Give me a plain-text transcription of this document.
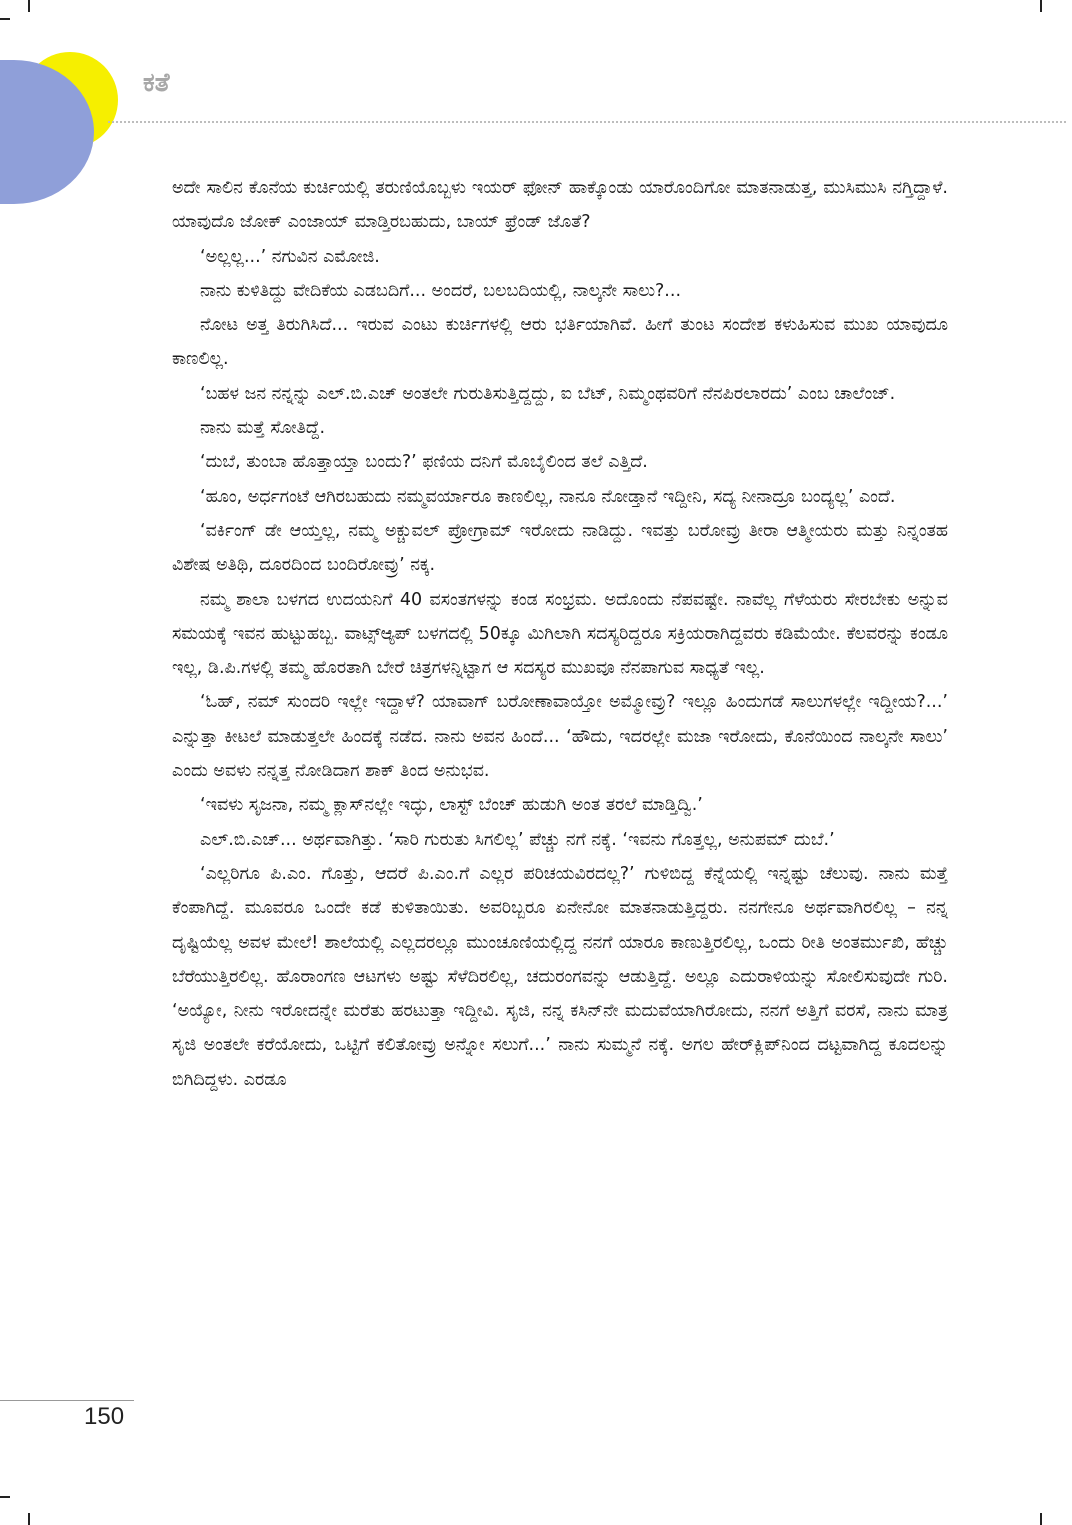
ಕತೆ

ಅದೇ ಸಾಲಿನ ಕೊನೆಯ ಕುರ್ಚಿಯಲ್ಲಿ ತರುಣಿಯೊಬ್ಬಳು ಇಯರ್ ಫೋನ್ ಹಾಕ್ಕೊಂಡು ಯಾರೊಂದಿಗೋ ಮಾತನಾಡುತ್ತ, ಮುಸಿಮುಸಿ ನಗ್ತಿದ್ದಾಳೆ. ಯಾವುದೊ ಜೋಕ್ ಎಂಜಾಯ್ ಮಾಡ್ತಿರಬಹುದು, ಬಾಯ್ ಫ್ರೆಂಡ್ ಜೊತೆ?

‘ಅಲ್ಲಲ್ಲ...’ ನಗುವಿನ ಎಮೋಜಿ.

ನಾನು ಕುಳಿತಿದ್ದು ವೇದಿಕೆಯ ಎಡಬದಿಗೆ... ಅಂದರೆ, ಬಲಬದಿಯಲ್ಲಿ, ನಾಲ್ಕನೇ ಸಾಲು?...

ನೋಟ ಅತ್ತ ತಿರುಗಿಸಿದೆ... ಇರುವ ಎಂಟು ಕುರ್ಚಿಗಳಲ್ಲಿ ಆರು ಭರ್ತಿಯಾಗಿವೆ. ಹೀಗೆ ತುಂಟ ಸಂದೇಶ ಕಳುಹಿಸುವ ಮುಖ ಯಾವುದೂ ಕಾಣಲಿಲ್ಲ.

‘ಬಹಳ ಜನ ನನ್ನನ್ನು ಎಲ್.ಬಿ.ಎಚ್ ಅಂತಲೇ ಗುರುತಿಸುತ್ತಿದ್ದದ್ದು, ಐ ಬೆಟ್, ನಿಮ್ಮಂಥವರಿಗೆ ನೆನಪಿರಲಾರದು’ ಎಂಬ ಚಾಲೆಂಜ್.

ನಾನು ಮತ್ತೆ ಸೋತಿದ್ದೆ.

‘ದುಬೆ, ತುಂಬಾ ಹೊತ್ತಾಯ್ತಾ ಬಂದು?’ ಫಣಿಯ ದನಿಗೆ ಮೊಬೈಲಿಂದ ತಲೆ ಎತ್ತಿದೆ.

‘ಹೂಂ, ಅರ್ಧಗಂಟೆ ಆಗಿರಬಹುದು ನಮ್ಮವರ್ಯಾರೂ ಕಾಣಲಿಲ್ಲ, ನಾನೂ ನೋಡ್ತಾನೆ ಇದ್ದೀನಿ, ಸದ್ಯ ನೀನಾದ್ರೂ ಬಂದ್ಯಲ್ಲ’ ಎಂದೆ.

‘ವರ್ಕಿಂಗ್ ಡೇ ಆಯ್ತಲ್ಲ, ನಮ್ಮ ಅಕ್ಚುವಲ್ ಪ್ರೋಗ್ರಾಮ್ ಇರೋದು ನಾಡಿದ್ದು. ಇವತ್ತು ಬರೋವ್ರು ತೀರಾ ಆತ್ಮೀಯರು ಮತ್ತು ನಿನ್ನಂತಹ ವಿಶೇಷ ಅತಿಥಿ, ದೂರದಿಂದ ಬಂದಿರೋವ್ರು’ ನಕ್ಕ.

ನಮ್ಮ ಶಾಲಾ ಬಳಗದ ಉದಯನಿಗೆ 40 ವಸಂತಗಳನ್ನು ಕಂಡ ಸಂಭ್ರಮ. ಅದೊಂದು ನೆಪವಷ್ಟೇ. ನಾವೆಲ್ಲ ಗೆಳೆಯರು ಸೇರಬೇಕು ಅನ್ನುವ ಸಮಯಕ್ಕೆ ಇವನ ಹುಟ್ಟುಹಬ್ಬ. ವಾಟ್ಸ್‌ಆ್ಯಪ್ ಬಳಗದಲ್ಲಿ 50ಕ್ಕೂ ಮಿಗಿಲಾಗಿ ಸದಸ್ಯರಿದ್ದರೂ ಸಕ್ರಿಯರಾಗಿದ್ದವರು ಕಡಿಮೆಯೇ. ಕೆಲವರನ್ನು ಕಂಡೂ ಇಲ್ಲ, ಡಿ.ಪಿ.ಗಳಲ್ಲಿ ತಮ್ಮ ಹೊರತಾಗಿ ಬೇರೆ ಚಿತ್ರಗಳನ್ನಿಟ್ಟಾಗ ಆ ಸದಸ್ಯರ ಮುಖವೂ ನೆನಪಾಗುವ ಸಾಧ್ಯತೆ ಇಲ್ಲ.

‘ಓಹ್, ನಮ್ ಸುಂದರಿ ಇಲ್ಲೇ ಇದ್ದಾಳೆ? ಯಾವಾಗ್ ಬರೋಣಾವಾಯ್ತೋ ಅಮ್ಮೋವ್ರು? ಇಲ್ಲೂ ಹಿಂದುಗಡೆ ಸಾಲುಗಳಲ್ಲೇ ಇದ್ದೀಯ?...’ ಎನ್ನುತ್ತಾ ಕೀಟಲೆ ಮಾಡುತ್ತಲೇ ಹಿಂದಕ್ಕೆ ನಡೆದ. ನಾನು ಅವನ ಹಿಂದೆ... ‘ಹೌದು, ಇದರಲ್ಲೇ ಮಜಾ ಇರೋದು, ಕೊನೆಯಿಂದ ನಾಲ್ಕನೇ ಸಾಲು’ ಎಂದು ಅವಳು ನನ್ನತ್ತ ನೋಡಿದಾಗ ಶಾಕ್ ತಿಂದ ಅನುಭವ.

‘ಇವಳು ಸೃಜನಾ, ನಮ್ಮ ಕ್ಲಾಸ್‌ನಲ್ಲೇ ಇದ್ಳು, ಲಾಸ್ಟ್ ಬೆಂಚ್ ಹುಡುಗಿ ಅಂತ ತರಲೆ ಮಾಡ್ತಿದ್ವಿ.’

ಎಲ್.ಬಿ.ಎಚ್... ಅರ್ಥವಾಗಿತ್ತು. ‘ಸಾರಿ ಗುರುತು ಸಿಗಲಿಲ್ಲ’ ಪೆಚ್ಚು ನಗೆ ನಕ್ಕೆ. ‘ಇವನು ಗೊತ್ತಲ್ಲ, ಅನುಪಮ್ ದುಬೆ.’

‘ಎಲ್ಲರಿಗೂ ಪಿ.ಎಂ. ಗೊತ್ತು, ಆದರೆ ಪಿ.ಎಂ.ಗೆ ಎಲ್ಲರ ಪರಿಚಯವಿರದಲ್ಲ?’ ಗುಳಿಬಿದ್ದ ಕೆನ್ನೆಯಲ್ಲಿ ಇನ್ನಷ್ಟು ಚೆಲುವು. ನಾನು ಮತ್ತೆ ಕೆಂಪಾಗಿದ್ದೆ. ಮೂವರೂ ಒಂದೇ ಕಡೆ ಕುಳಿತಾಯಿತು. ಅವರಿಬ್ಬರೂ ಏನೇನೋ ಮಾತನಾಡುತ್ತಿದ್ದರು. ನನಗೇನೂ ಅರ್ಥವಾಗಿರಲಿಲ್ಲ – ನನ್ನ ದೃಷ್ಟಿಯೆಲ್ಲ ಅವಳ ಮೇಲೆ! ಶಾಲೆಯಲ್ಲಿ ಎಲ್ಲದರಲ್ಲೂ ಮುಂಚೂಣಿಯಲ್ಲಿದ್ದ ನನಗೆ ಯಾರೂ ಕಾಣುತ್ತಿರಲಿಲ್ಲ, ಒಂದು ರೀತಿ ಅಂತರ್ಮುಖಿ, ಹೆಚ್ಚು ಬೆರೆಯುತ್ತಿರಲಿಲ್ಲ. ಹೊರಾಂಗಣ ಆಟಗಳು ಅಷ್ಟು ಸೆಳೆದಿರಲಿಲ್ಲ, ಚದುರಂಗವನ್ನು ಆಡುತ್ತಿದ್ದೆ. ಅಲ್ಲೂ ಎದುರಾಳಿಯನ್ನು ಸೋಲಿಸುವುದೇ ಗುರಿ. ‘ಅಯ್ಯೋ, ನೀನು ಇರೋದನ್ನೇ ಮರೆತು ಹರಟುತ್ತಾ ಇದ್ದೀವಿ. ಸೃಜಿ, ನನ್ನ ಕಸಿನ್‌ನೇ ಮದುವೆಯಾಗಿರೋದು, ನನಗೆ ಅತ್ತಿಗೆ ವರಸೆ, ನಾನು ಮಾತ್ರ ಸೃಜಿ ಅಂತಲೇ ಕರೆಯೋದು, ಒಟ್ಟಿಗೆ ಕಲಿತೋವ್ರು ಅನ್ನೋ ಸಲುಗೆ...’ ನಾನು ಸುಮ್ಮನೆ ನಕ್ಕೆ. ಅಗಲ ಹೇರ್‌ಕ್ಲಿಪ್‌ನಿಂದ ದಟ್ಟವಾಗಿದ್ದ ಕೂದಲನ್ನು ಬಿಗಿದಿದ್ದಳು. ಎರಡೂ

150
